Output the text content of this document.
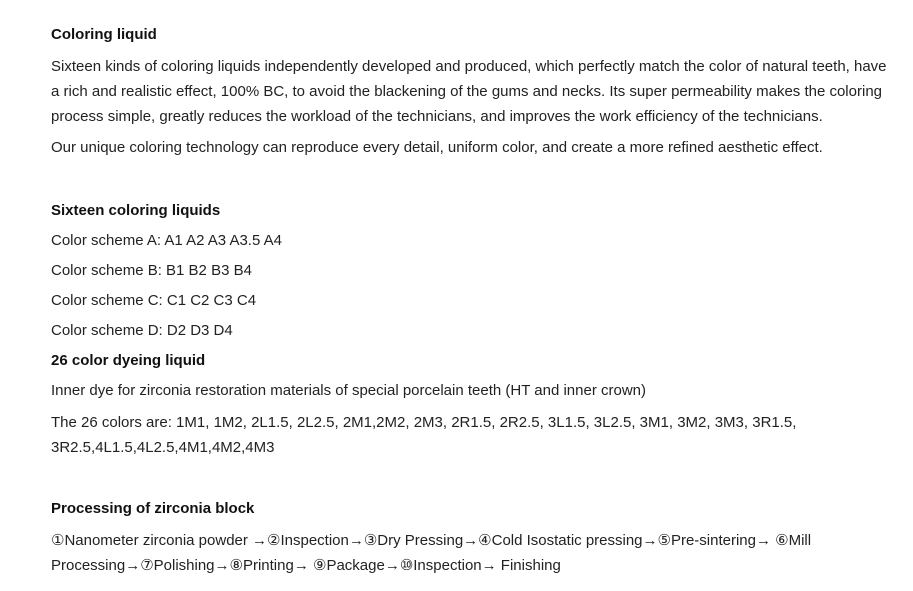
Coloring liquid

Sixteen kinds of coloring liquids independently developed and produced, which perfectly match the color of natural teeth, have a rich and realistic effect, 100% BC, to avoid the blackening of the gums and necks. Its super permeability makes the coloring process simple, greatly reduces the workload of the technicians, and improves the work efficiency of the technicians.

Our unique coloring technology can reproduce every detail, uniform color, and create a more refined aesthetic effect.

Sixteen coloring liquids

Color scheme A: A1 A2 A3 A3.5 A4

Color scheme B: B1 B2 B3 B4

Color scheme C: C1 C2 C3 C4

Color scheme D: D2 D3 D4

26 color dyeing liquid

Inner dye for zirconia restoration materials of special porcelain teeth (HT and inner crown)

The 26 colors are: 1M1, 1M2, 2L1.5, 2L2.5, 2M1,2M2, 2M3, 2R1.5, 2R2.5, 3L1.5, 3L2.5, 3M1, 3M2, 3M3, 3R1.5, 3R2.5,4L1.5,4L2.5,4M1,4M2,4M3

Processing of zirconia block

①Nanometer zirconia powder →②Inspection→③Dry Pressing→④Cold Isostatic pressing→⑤Pre-sintering→ ⑥Mill Processing→⑦Polishing→⑧Printing→ ⑨Package→⑩Inspection→ Finishing
